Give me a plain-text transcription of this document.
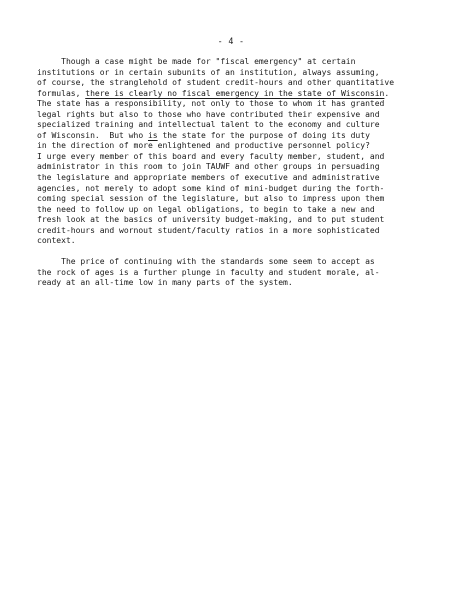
- 4 -
Though a case might be made for "fiscal emergency" at certain
institutions or in certain subunits of an institution, always assuming,
of course, the stranglehold of student credit-hours and other quantitative
formulas, there is clearly no fiscal emergency in the state of Wisconsin.
The state has a responsibility, not only to those to whom it has granted
legal rights but also to those who have contributed their expensive and
specialized training and intellectual talent to the economy and culture
of Wisconsin.  But who is the state for the purpose of doing its duty
in the direction of more enlightened and productive personnel policy?
I urge every member of this board and every faculty member, student, and
administrator in this room to join TAUWF and other groups in persuading
the legislature and appropriate members of executive and administrative
agencies, not merely to adopt some kind of mini-budget during the forth-
coming special session of the legislature, but also to impress upon them
the need to follow up on legal obligations, to begin to take a new and
fresh look at the basics of university budget-making, and to put student
credit-hours and wornout student/faculty ratios in a more sophisticated
context.
The price of continuing with the standards some seem to accept as
the rock of ages is a further plunge in faculty and student morale, al-
ready at an all-time low in many parts of the system.
